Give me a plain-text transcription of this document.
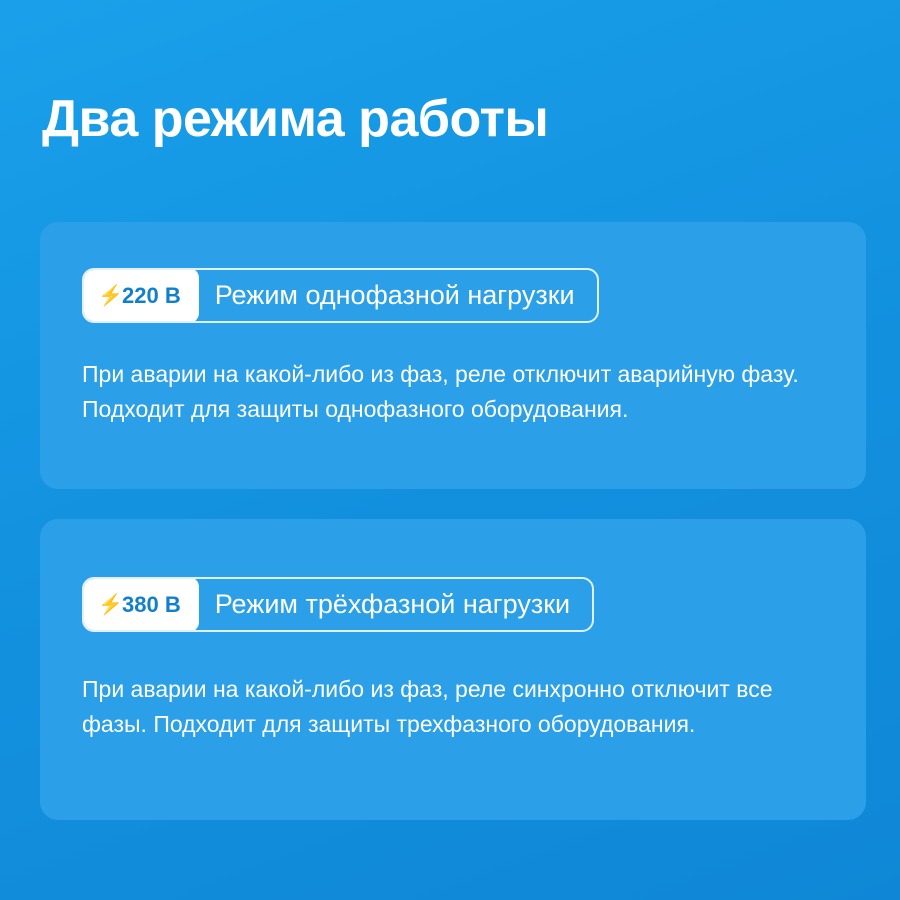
Два режима работы
⚡ 220 В	Режим однофазной нагрузки

При аварии на какой-либо из фаз, реле отключит аварийную фазу. Подходит для защиты однофазного оборудования.

⚡ 380 В	Режим трёхфазной нагрузки

При аварии на какой-либо из фаз, реле синхронно отключит все фазы. Подходит для защиты трехфазного оборудования.
